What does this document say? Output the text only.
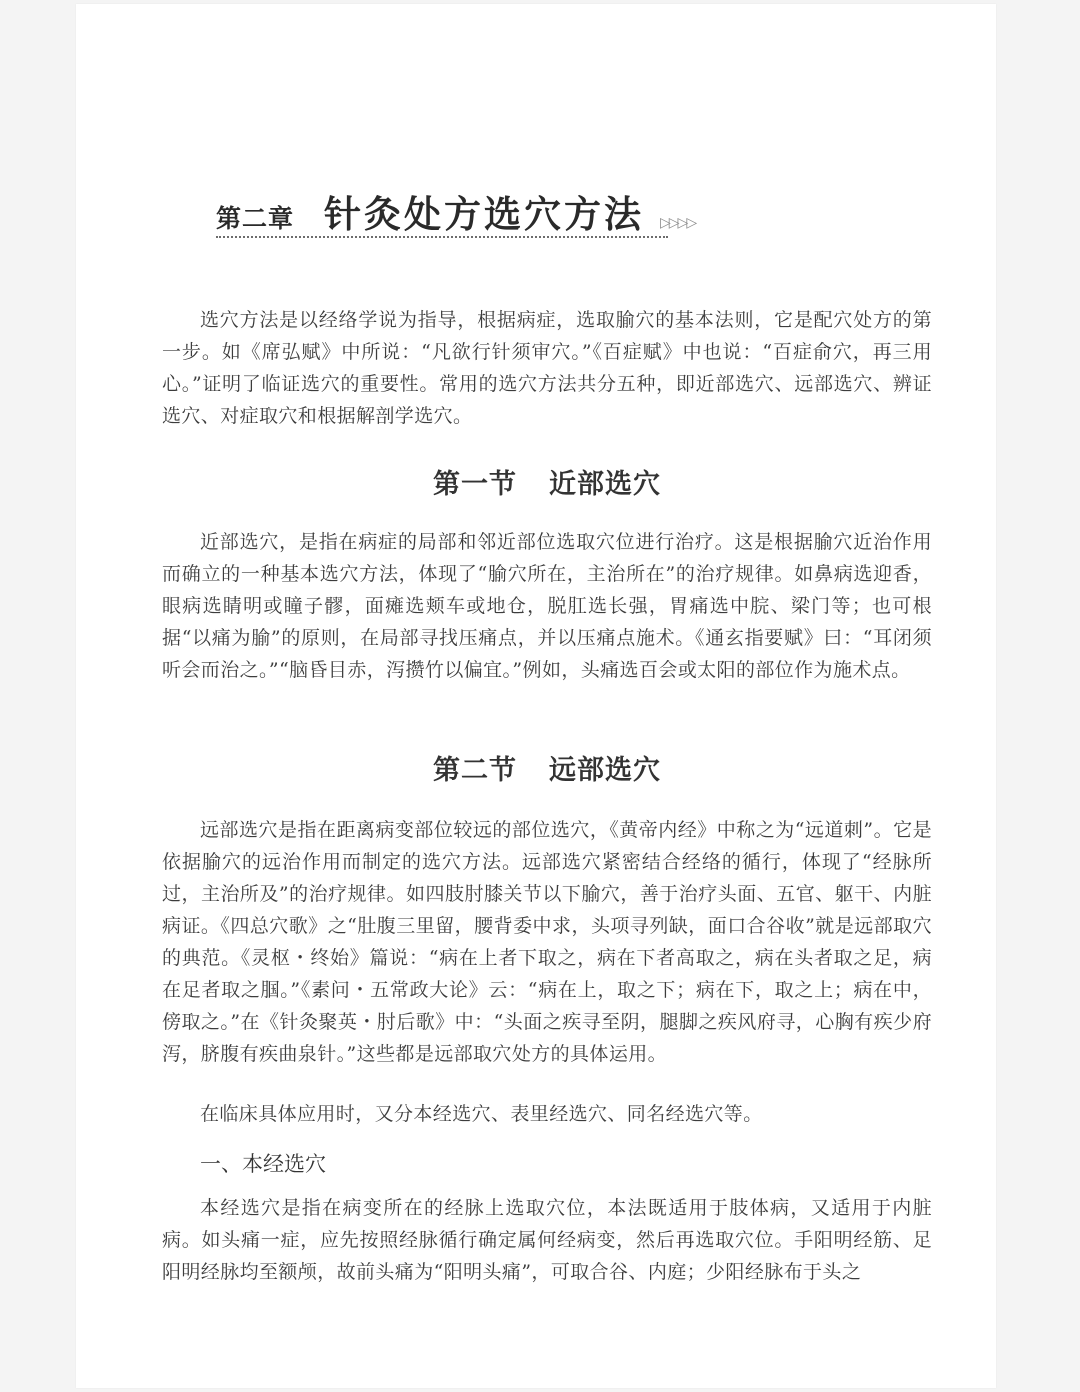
第二章 针灸处方选穴方法 ▷▷▷▷

选穴方法是以经络学说为指导，根据病症，选取腧穴的基本法则，它是配穴处方的第一步。如《席弘赋》中所说：“凡欲行针须审穴。”《百症赋》中也说：“百症俞穴，再三用心。”证明了临证选穴的重要性。常用的选穴方法共分五种，即近部选穴、远部选穴、辨证选穴、对症取穴和根据解剖学选穴。

第一节 近部选穴

近部选穴，是指在病症的局部和邻近部位选取穴位进行治疗。这是根据腧穴近治作用而确立的一种基本选穴方法，体现了“腧穴所在，主治所在”的治疗规律。如鼻病选迎香，眼病选睛明或瞳子髎，面瘫选颊车或地仓，脱肛选长强，胃痛选中脘、梁门等；也可根据“以痛为腧”的原则，在局部寻找压痛点，并以压痛点施术。《通玄指要赋》曰：“耳闭须听会而治之。”“脑昏目赤，泻攒竹以偏宜。”例如，头痛选百会或太阳的部位作为施术点。

第二节 远部选穴

远部选穴是指在距离病变部位较远的部位选穴，《黄帝内经》中称之为“远道刺”。它是依据腧穴的远治作用而制定的选穴方法。远部选穴紧密结合经络的循行，体现了“经脉所过，主治所及”的治疗规律。如四肢肘膝关节以下腧穴，善于治疗头面、五官、躯干、内脏病证。《四总穴歌》之“肚腹三里留，腰背委中求，头项寻列缺，面口合谷收”就是远部取穴的典范。《灵枢・终始》篇说：“病在上者下取之，病在下者高取之，病在头者取之足，病在足者取之腘。”《素问・五常政大论》云：“病在上，取之下；病在下，取之上；病在中，傍取之。”在《针灸聚英・肘后歌》中：“头面之疾寻至阴，腿脚之疾风府寻，心胸有疾少府泻，脐腹有疾曲泉针。”这些都是远部取穴处方的具体运用。

在临床具体应用时，又分本经选穴、表里经选穴、同名经选穴等。

一、本经选穴

本经选穴是指在病变所在的经脉上选取穴位，本法既适用于肢体病，又适用于内脏病。如头痛一症，应先按照经脉循行确定属何经病变，然后再选取穴位。手阳明经筋、足阳明经脉均至额颅，故前头痛为“阳明头痛”，可取合谷、内庭；少阳经脉布于头之
